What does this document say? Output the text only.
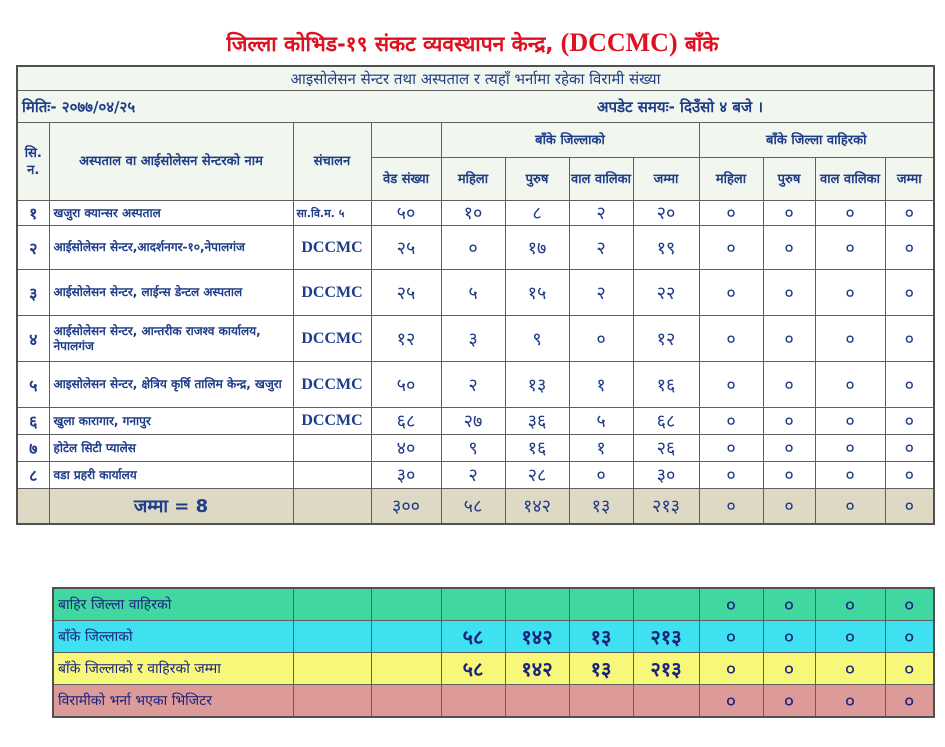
जिल्ला कोभिड-१९ संकट व्यवस्थापन केन्द्र, (DCCMC) बाँके
आइसोलेसन सेन्टर तथा अस्पताल र त्यहाँ भर्नामा रहेका विरामी संख्या											

मितिः- २०७७/०४/२५ अपडेट समयः- दिउँसो ४ बजे ।											

सि. न.	अस्पताल वा आईसोलेसन सेन्टरको नाम	संचालन		बाँके जिल्लाको				बाँके जिल्ला वाहिरको			
			वेड संख्या	महिला	पुरुष	वाल वालिका	जम्मा	महिला	पुरुष	वाल वालिका	जम्मा
१	खजुरा क्यान्सर अस्पताल	सा.वि.म. ५	५०	१०	८	२	२०	०	०	०	०
२	आईसोलेसन सेन्टर,आदर्शनगर-१०,नेपालगंज	DCCMC	२५	०	१७	२	१९	०	०	०	०
३	आईसोलेसन सेन्टर, लाईन्स डेन्टल अस्पताल	DCCMC	२५	५	१५	२	२२	०	०	०	०
४	आईसोलेसन सेन्टर, आन्तरीक राजश्व कार्यालय, नेपालगंज	DCCMC	१२	३	९	०	१२	०	०	०	०
५	आइसोलेसन सेन्टर, क्षेत्रिय कृर्षि तालिम केन्द्र, खजुरा	DCCMC	५०	२	१३	१	१६	०	०	०	०
६	खुला कारागार, गनापुर	DCCMC	६८	२७	३६	५	६८	०	०	०	०
७	होटेल सिटी प्यालेस		४०	९	१६	१	२६	०	०	०	०
८	वडा प्रहरी कार्यालय		३०	२	२८	०	३०	०	०	०	०
	जम्मा = 8		३००	५८	१४२	१३	२१३	०	०	०	०
बाहिर जिल्ला वाहिरको							०	०	०	०
बाँके जिल्लाको			५८	१४२	१३	२१३	०	०	०	०
बाँके जिल्लाको र वाहिरको जम्मा			५८	१४२	१३	२१३	०	०	०	०
विरामीको भर्ना भएका भिजिटर							०	०	०	०
